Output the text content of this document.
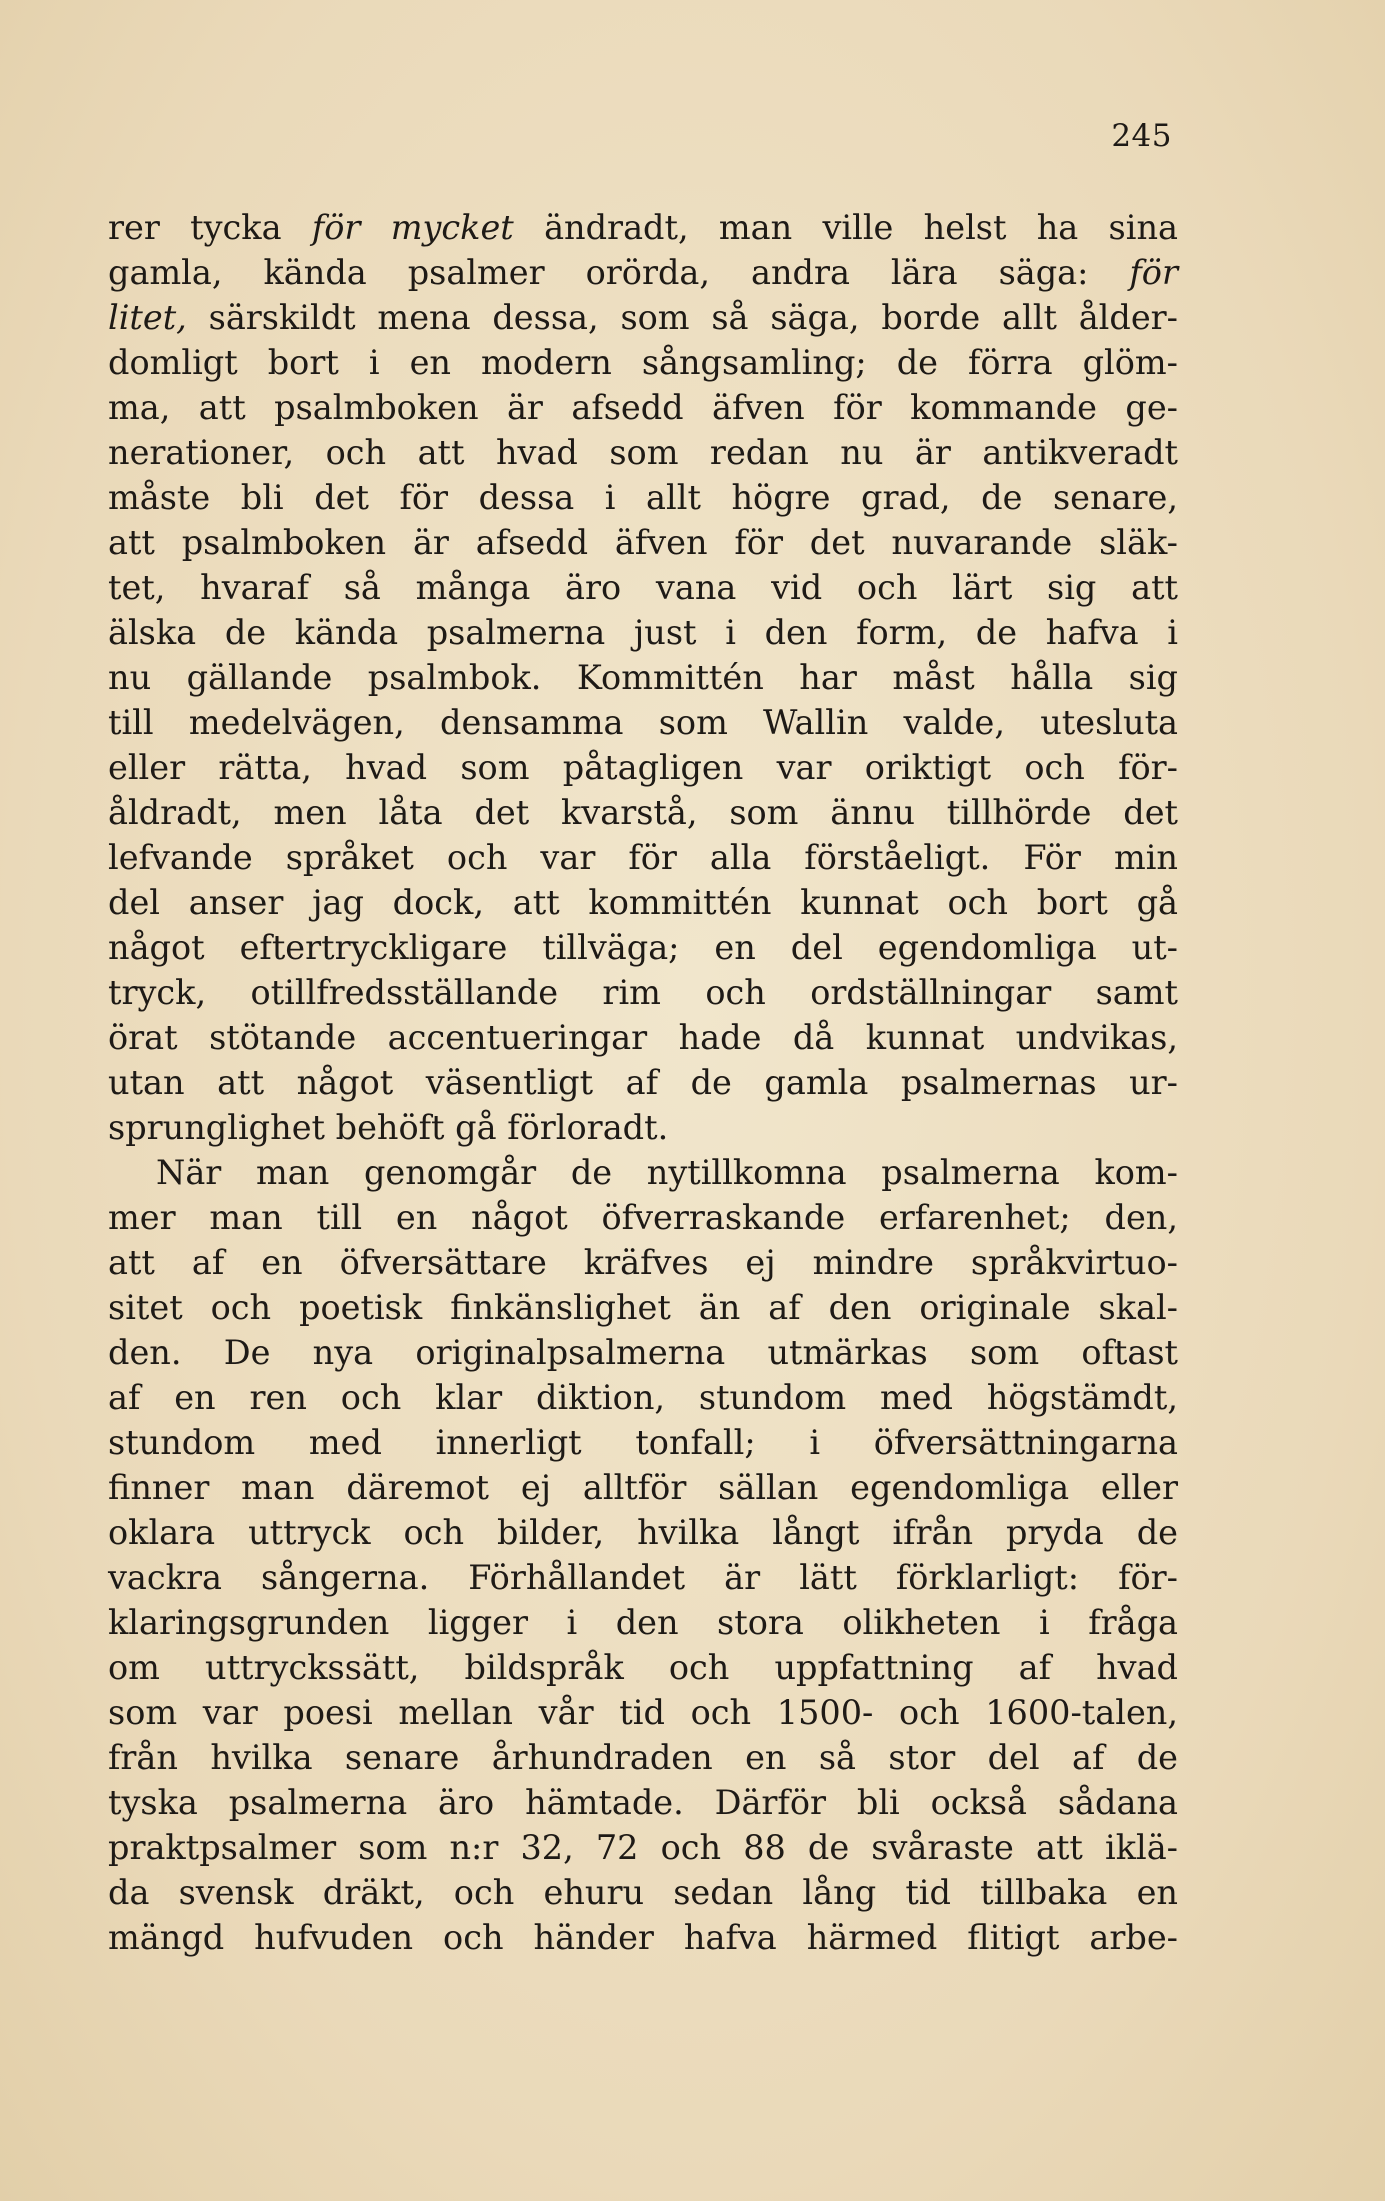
245
rer tycka för mycket ändradt, man ville helst ha sina
gamla, kända psalmer orörda, andra lära säga: för
litet, särskildt mena dessa, som så säga, borde allt ålder-
domligt bort i en modern sångsamling; de förra glöm-
ma, att psalmboken är afsedd äfven för kommande ge-
nerationer, och att hvad som redan nu är antikveradt
måste bli det för dessa i allt högre grad, de senare,
att psalmboken är afsedd äfven för det nuvarande släk-
tet, hvaraf så många äro vana vid och lärt sig att
älska de kända psalmerna just i den form, de hafva i
nu gällande psalmbok. Kommittén har måst hålla sig
till medelvägen, densamma som Wallin valde, utesluta
eller rätta, hvad som påtagligen var oriktigt och för-
åldradt, men låta det kvarstå, som ännu tillhörde det
lefvande språket och var för alla förståeligt. För min
del anser jag dock, att kommittén kunnat och bort gå
något eftertryckligare tillväga; en del egendomliga ut-
tryck, otillfredsställande rim och ordställningar samt
örat stötande accentueringar hade då kunnat undvikas,
utan att något väsentligt af de gamla psalmernas ur-
sprunglighet behöft gå förloradt.
När man genomgår de nytillkomna psalmerna kom-
mer man till en något öfverraskande erfarenhet; den,
att af en öfversättare kräfves ej mindre språkvirtuo-
sitet och poetisk finkänslighet än af den originale skal-
den. De nya originalpsalmerna utmärkas som oftast
af en ren och klar diktion, stundom med högstämdt,
stundom med innerligt tonfall; i öfversättningarna
finner man däremot ej alltför sällan egendomliga eller
oklara uttryck och bilder, hvilka långt ifrån pryda de
vackra sångerna. Förhållandet är lätt förklarligt: för-
klaringsgrunden ligger i den stora olikheten i fråga
om uttryckssätt, bildspråk och uppfattning af hvad
som var poesi mellan vår tid och 1500- och 1600-talen,
från hvilka senare århundraden en så stor del af de
tyska psalmerna äro hämtade. Därför bli också sådana
praktpsalmer som n:r 32, 72 och 88 de svåraste att iklä-
da svensk dräkt, och ehuru sedan lång tid tillbaka en
mängd hufvuden och händer hafva härmed flitigt arbe-
